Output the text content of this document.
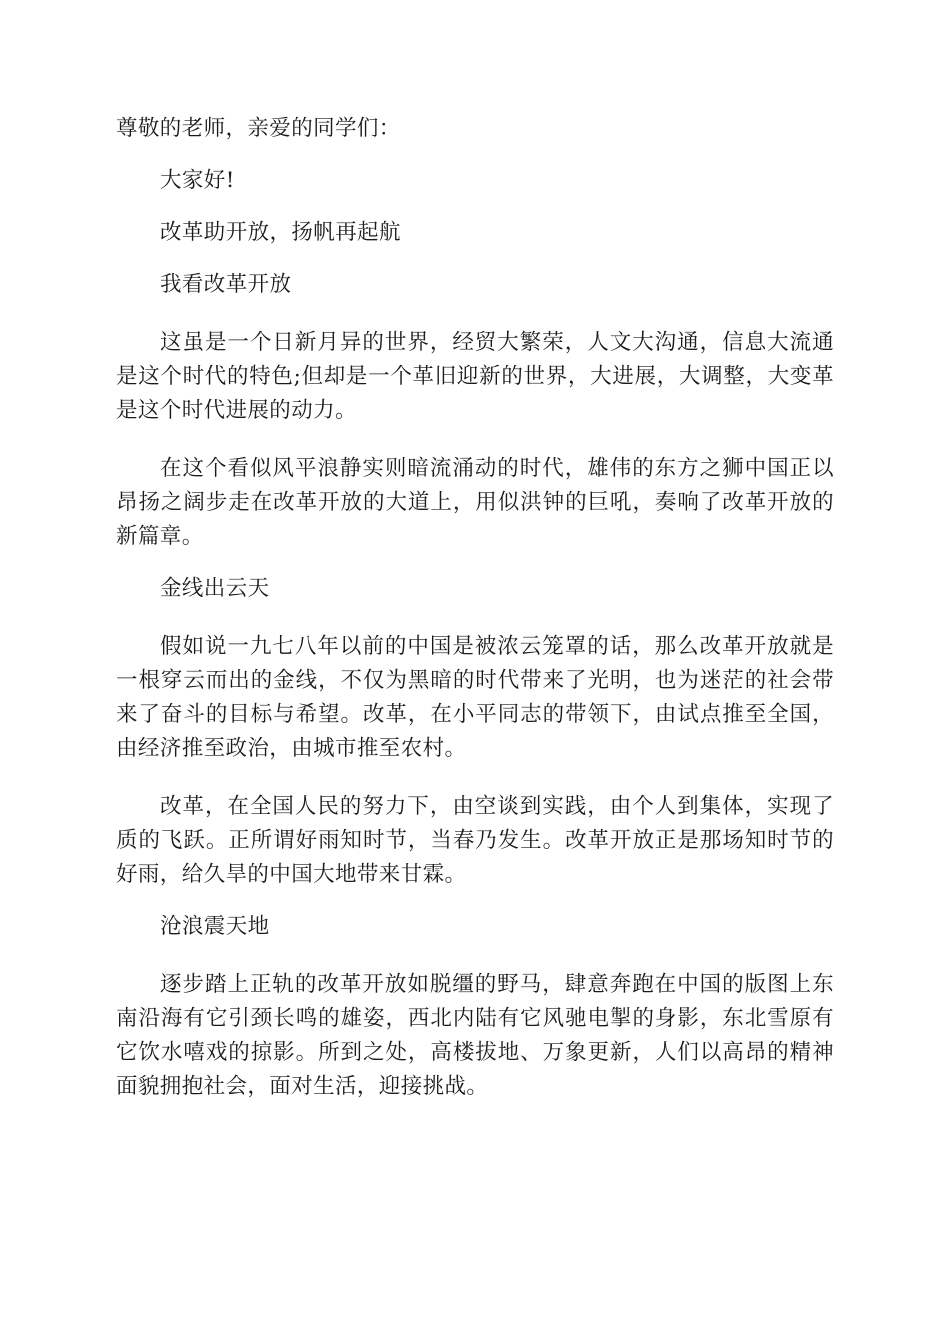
尊敬的老师，亲爱的同学们：

大家好!

改革助开放，扬帆再起航

我看改革开放

这虽是一个日新月异的世界，经贸大繁荣，人文大沟通，信息大流通是这个时代的特色;但却是一个革旧迎新的世界，大进展，大调整，大变革是这个时代进展的动力。

在这个看似风平浪静实则暗流涌动的时代，雄伟的东方之狮中国正以昂扬之阔步走在改革开放的大道上，用似洪钟的巨吼，奏响了改革开放的新篇章。

金线出云天

假如说一九七八年以前的中国是被浓云笼罩的话，那么改革开放就是一根穿云而出的金线，不仅为黑暗的时代带来了光明，也为迷茫的社会带来了奋斗的目标与希望。改革，在小平同志的带领下，由试点推至全国，由经济推至政治，由城市推至农村。

改革，在全国人民的努力下，由空谈到实践，由个人到集体，实现了质的飞跃。正所谓好雨知时节，当春乃发生。改革开放正是那场知时节的好雨，给久旱的中国大地带来甘霖。

沧浪震天地

逐步踏上正轨的改革开放如脱缰的野马，肆意奔跑在中国的版图上东南沿海有它引颈长鸣的雄姿，西北内陆有它风驰电掣的身影，东北雪原有它饮水嘻戏的掠影。所到之处，高楼拔地、万象更新，人们以高昂的精神面貌拥抱社会，面对生活，迎接挑战。
